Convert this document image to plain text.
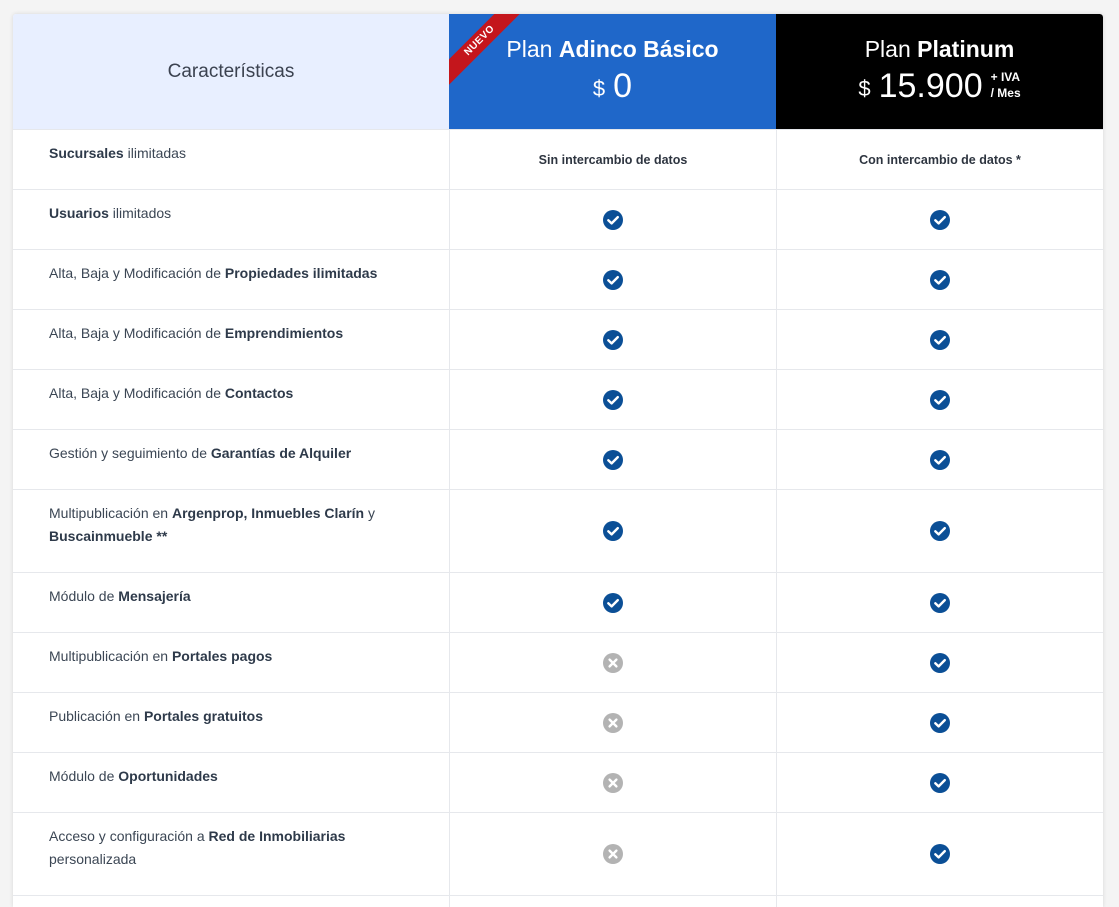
Características
NUEVO Plan Adinco Básico
$ 0
Plan Platinum
$ 15.900 + IVA
/ Mes
Sucursales ilimitadas	Sin intercambio de datos	Con intercambio de datos *
Usuarios ilimitados
Alta, Baja y Modificación de Propiedades ilimitadas
Alta, Baja y Modificación de Emprendimientos
Alta, Baja y Modificación de Contactos
Gestión y seguimiento de Garantías de Alquiler
Multipublicación en Argenprop, Inmuebles Clarín y Buscainmueble **
Módulo de Mensajería
Multipublicación en Portales pagos
Publicación en Portales gratuitos
Módulo de Oportunidades
Acceso y configuración a Red de Inmobiliarias personalizada
